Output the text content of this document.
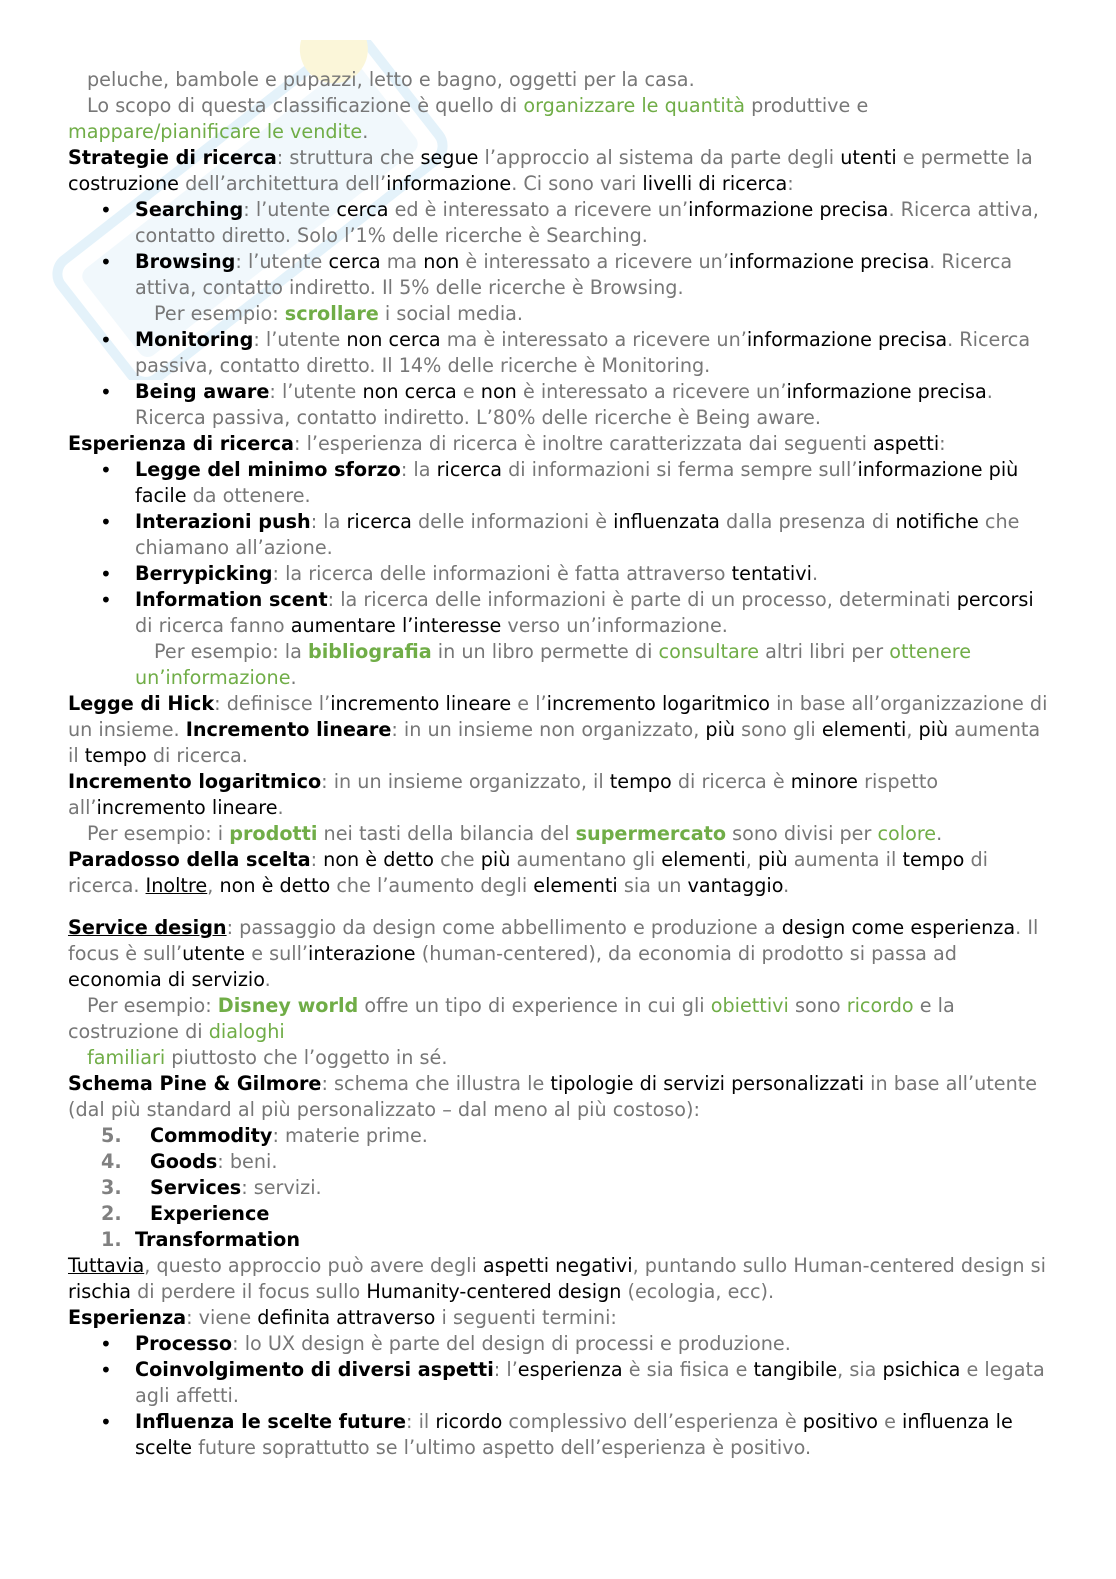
peluche, bambole e pupazzi, letto e bagno, oggetti per la casa.

Lo scopo di questa classificazione è quello di organizzare le quantità produttive e

mappare/pianificare le vendite.

Strategie di ricerca: struttura che segue l’approccio al sistema da parte degli utenti e permette la costruzione dell’architettura dell’informazione. Ci sono vari livelli di ricerca:

• Searching: l’utente cerca ed è interessato a ricevere un’informazione precisa. Ricerca attiva, contatto diretto. Solo l’1% delle ricerche è Searching.
• Browsing: l’utente cerca ma non è interessato a ricevere un’informazione precisa. Ricerca attiva, contatto indiretto. Il 5% delle ricerche è Browsing.

Per esempio: scrollare i social media.

• Monitoring: l’utente non cerca ma è interessato a ricevere un’informazione precisa. Ricerca passiva, contatto diretto. Il 14% delle ricerche è Monitoring.
• Being aware: l’utente non cerca e non è interessato a ricevere un’informazione precisa. Ricerca passiva, contatto indiretto. L’80% delle ricerche è Being aware.

Esperienza di ricerca: l’esperienza di ricerca è inoltre caratterizzata dai seguenti aspetti:

• Legge del minimo sforzo: la ricerca di informazioni si ferma sempre sull’informazione più facile da ottenere.
• Interazioni push: la ricerca delle informazioni è influenzata dalla presenza di notifiche che chiamano all’azione.
• Berrypicking: la ricerca delle informazioni è fatta attraverso tentativi.
• Information scent: la ricerca delle informazioni è parte di un processo, determinati percorsi di ricerca fanno aumentare l’interesse verso un’informazione.

Per esempio: la bibliografia in un libro permette di consultare altri libri per ottenere un’informazione.

Legge di Hick: definisce l’incremento lineare e l’incremento logaritmico in base all’organizzazione di un insieme. Incremento lineare: in un insieme non organizzato, più sono gli elementi, più aumenta il tempo di ricerca.

Incremento logaritmico: in un insieme organizzato, il tempo di ricerca è minore rispetto all’incremento lineare.

Per esempio: i prodotti nei tasti della bilancia del supermercato sono divisi per colore.

Paradosso della scelta: non è detto che più aumentano gli elementi, più aumenta il tempo di ricerca. Inoltre, non è detto che l’aumento degli elementi sia un vantaggio.

Service design: passaggio da design come abbellimento e produzione a design come esperienza. Il focus è sull’utente e sull’interazione (human-centered), da economia di prodotto si passa ad economia di servizio.

Per esempio: Disney world offre un tipo di experience in cui gli obiettivi sono ricordo e la costruzione di dialoghi

familiari piuttosto che l’oggetto in sé.

Schema Pine & Gilmore: schema che illustra le tipologie di servizi personalizzati in base all’utente (dal più standard al più personalizzato – dal meno al più costoso):

5. Commodity: materie prime.
4. Goods: beni.
3. Services: servizi.
2. Experience
1. Transformation

Tuttavia, questo approccio può avere degli aspetti negativi, puntando sullo Human-centered design si rischia di perdere il focus sullo Humanity-centered design (ecologia, ecc).

Esperienza: viene definita attraverso i seguenti termini:

• Processo: lo UX design è parte del design di processi e produzione.
• Coinvolgimento di diversi aspetti: l’esperienza è sia fisica e tangibile, sia psichica e legata agli affetti.
• Influenza le scelte future: il ricordo complessivo dell’esperienza è positivo e influenza le scelte future soprattutto se l’ultimo aspetto dell’esperienza è positivo.
